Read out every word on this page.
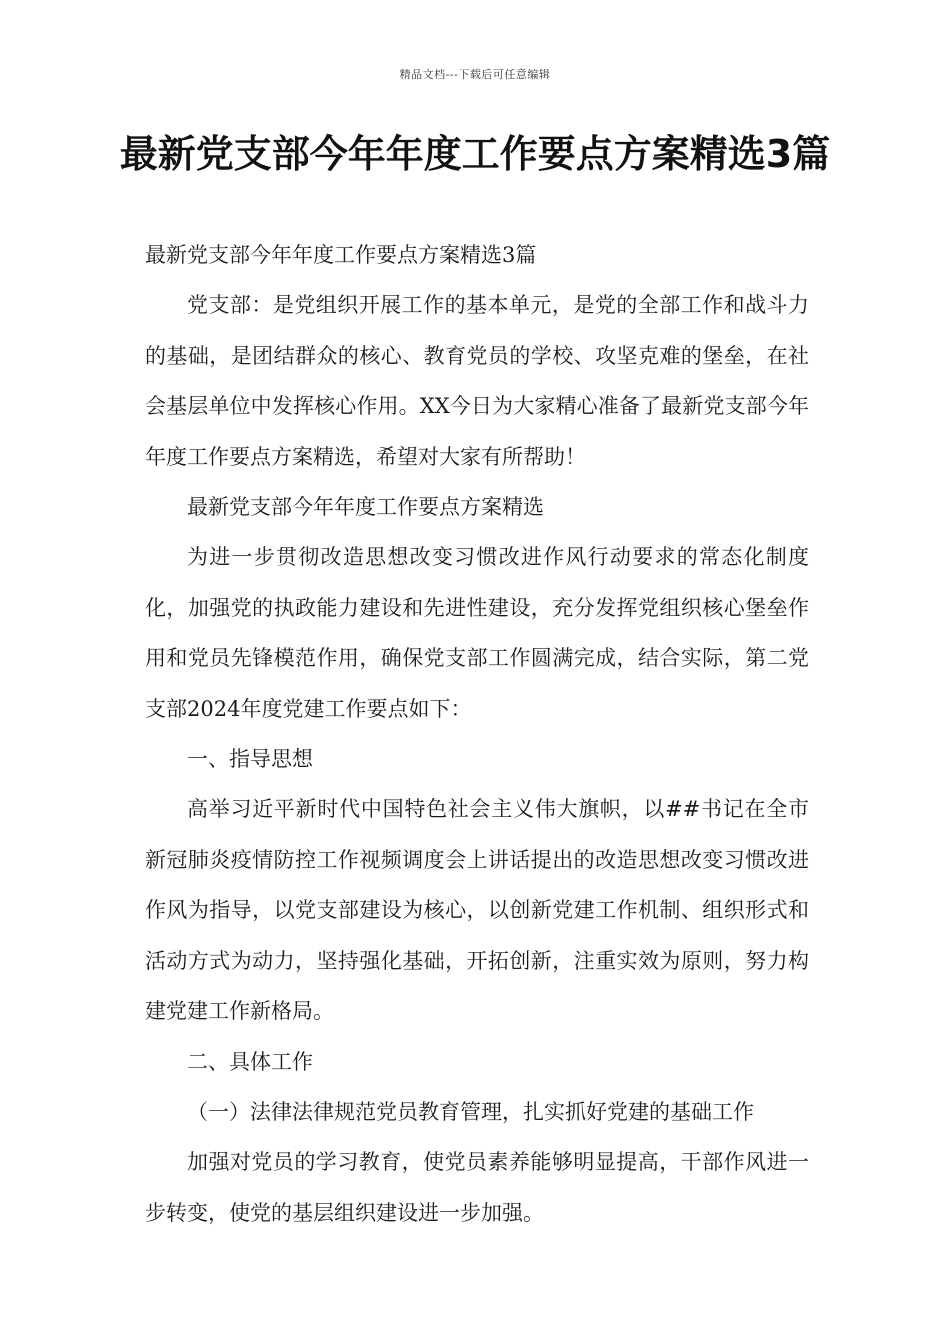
精品文档---下载后可任意编辑
最新党支部今年年度工作要点方案精选3篇

最新党支部今年年度工作要点方案精选3篇

党支部：是党组织开展工作的基本单元，是党的全部工作和战斗力的基础，是团结群众的核心、教育党员的学校、攻坚克难的堡垒，在社会基层单位中发挥核心作用。XX今日为大家精心准备了最新党支部今年年度工作要点方案精选，希望对大家有所帮助！

最新党支部今年年度工作要点方案精选

为进一步贯彻改造思想改变习惯改进作风行动要求的常态化制度化，加强党的执政能力建设和先进性建设，充分发挥党组织核心堡垒作用和党员先锋模范作用，确保党支部工作圆满完成，结合实际，第二党支部2024年度党建工作要点如下：

一、指导思想

高举习近平新时代中国特色社会主义伟大旗帜，以##书记在全市新冠肺炎疫情防控工作视频调度会上讲话提出的改造思想改变习惯改进作风为指导，以党支部建设为核心，以创新党建工作机制、组织形式和活动方式为动力，坚持强化基础，开拓创新，注重实效为原则，努力构建党建工作新格局。

二、具体工作

（一）法律法律规范党员教育管理，扎实抓好党建的基础工作

加强对党员的学习教育，使党员素养能够明显提高，干部作风进一步转变，使党的基层组织建设进一步加强。
